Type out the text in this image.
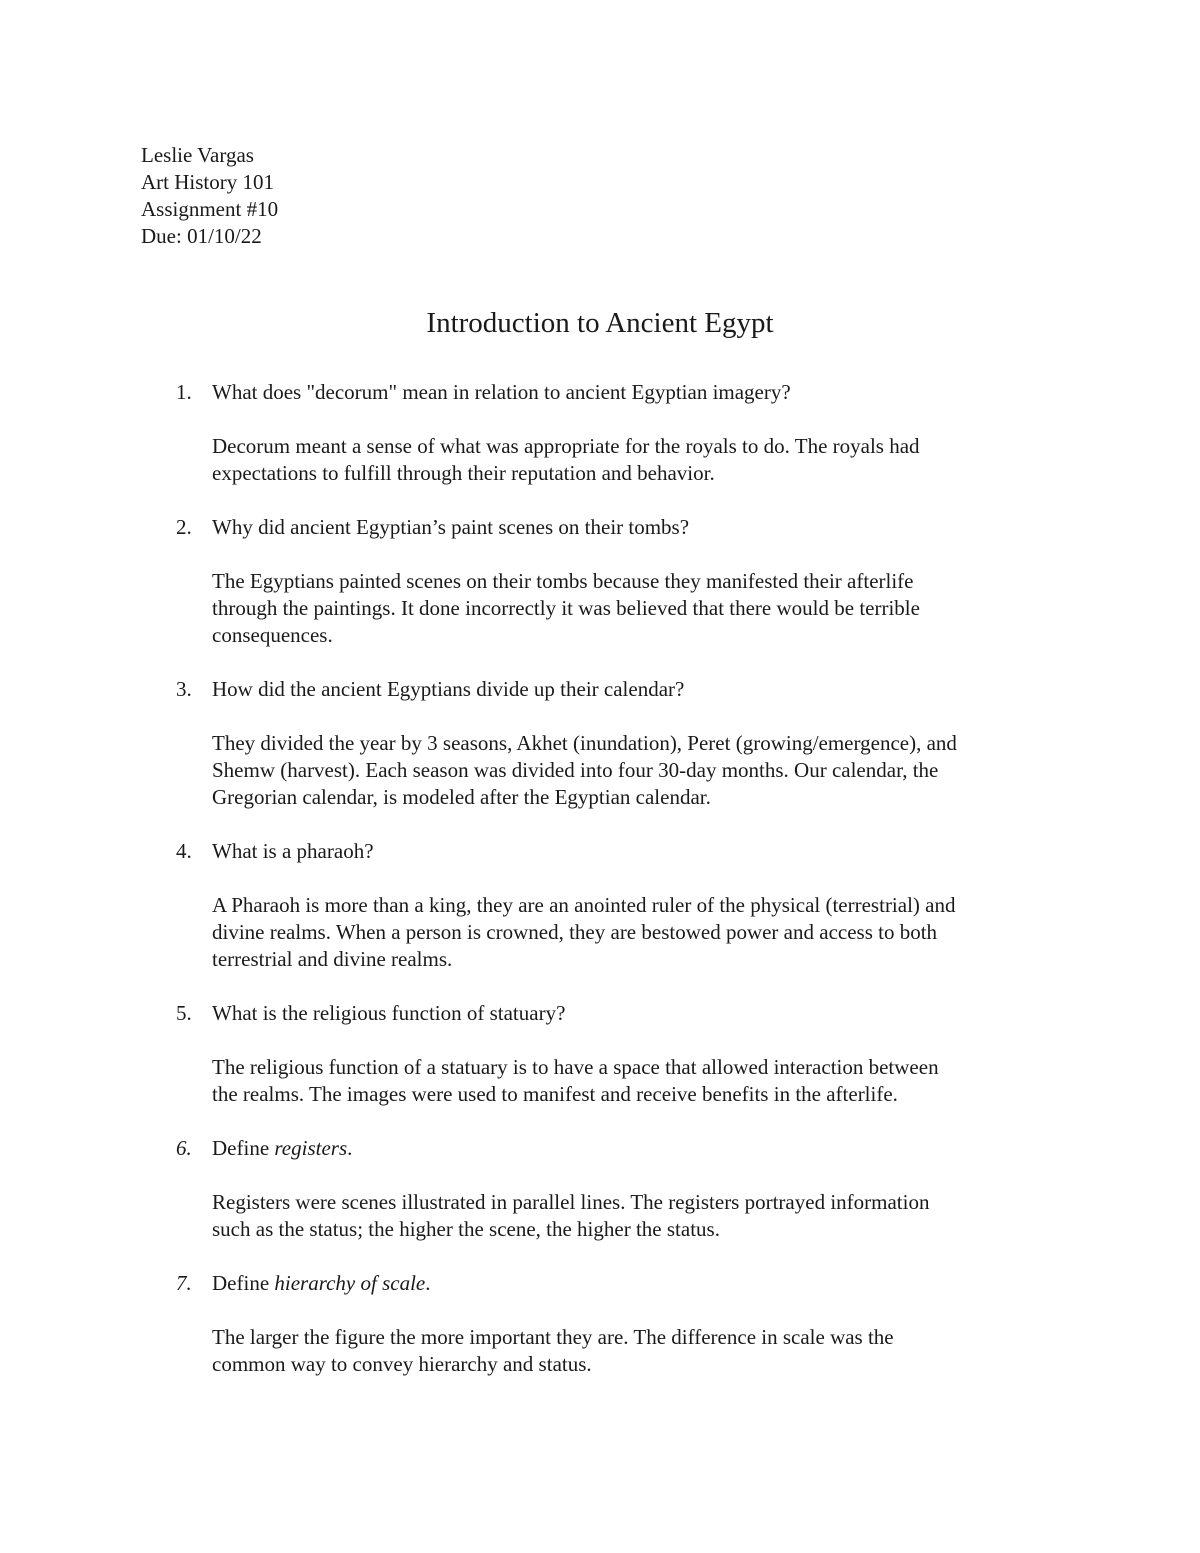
Leslie Vargas
Art History 101
Assignment #10
Due: 01/10/22
Introduction to Ancient Egypt
1. What does "decorum" mean in relation to ancient Egyptian imagery?
Decorum meant a sense of what was appropriate for the royals to do. The royals had
expectations to fulfill through their reputation and behavior.
2. Why did ancient Egyptian’s paint scenes on their tombs?
The Egyptians painted scenes on their tombs because they manifested their afterlife
through the paintings. It done incorrectly it was believed that there would be terrible
consequences.
3. How did the ancient Egyptians divide up their calendar?
They divided the year by 3 seasons, Akhet (inundation), Peret (growing/emergence), and
Shemw (harvest). Each season was divided into four 30-day months. Our calendar, the
Gregorian calendar, is modeled after the Egyptian calendar.
4. What is a pharaoh?
A Pharaoh is more than a king, they are an anointed ruler of the physical (terrestrial) and
divine realms. When a person is crowned, they are bestowed power and access to both
terrestrial and divine realms.
5. What is the religious function of statuary?
The religious function of a statuary is to have a space that allowed interaction between
the realms. The images were used to manifest and receive benefits in the afterlife.
6. Define registers.
Registers were scenes illustrated in parallel lines. The registers portrayed information
such as the status; the higher the scene, the higher the status.
7. Define hierarchy of scale.
The larger the figure the more important they are. The difference in scale was the
common way to convey hierarchy and status.
